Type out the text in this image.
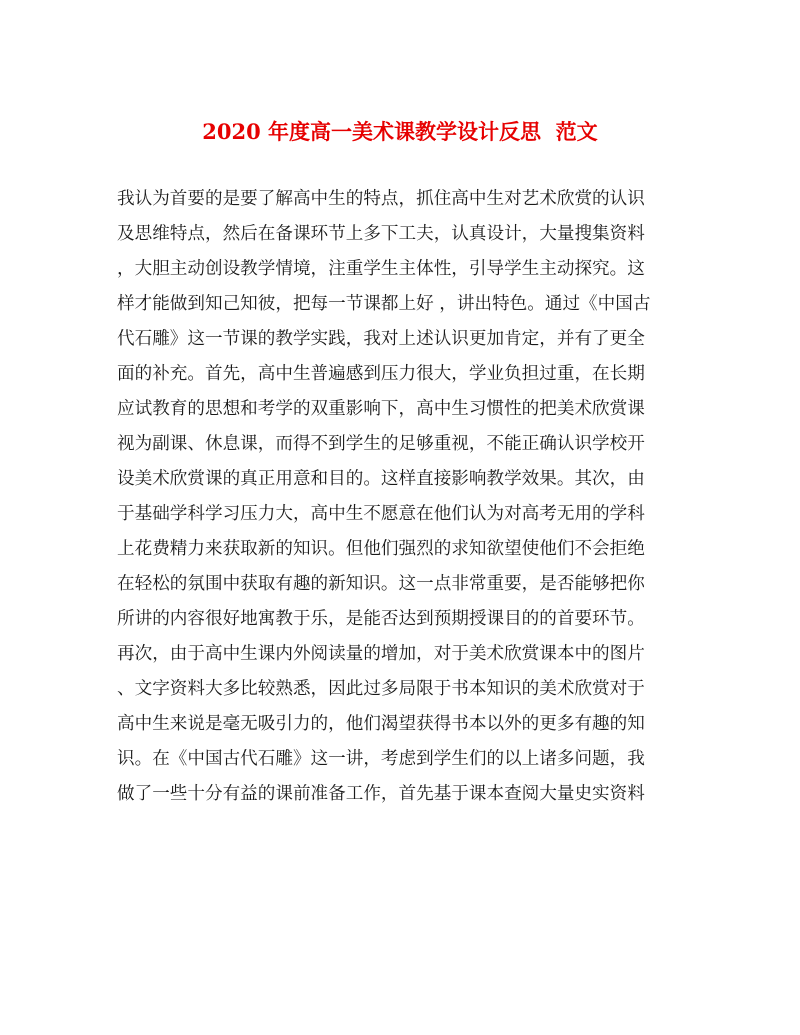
2020 年度高一美术课教学设计反思  范文
我认为首要的是要了解高中生的特点，抓住高中生对艺术欣赏的认识
及思维特点，然后在备课环节上多下工夫，认真设计，大量搜集资料
，大胆主动创设教学情境，注重学生主体性，引导学生主动探究。这
样才能做到知己知彼，把每一节课都上好 ，讲出特色。通过《中国古
代石雕》这一节课的教学实践，我对上述认识更加肯定，并有了更全
面的补充。首先，高中生普遍感到压力很大，学业负担过重，在长期
应试教育的思想和考学的双重影响下，高中生习惯性的把美术欣赏课
视为副课、休息课，而得不到学生的足够重视，不能正确认识学校开
设美术欣赏课的真正用意和目的。这样直接影响教学效果。其次，由
于基础学科学习压力大，高中生不愿意在他们认为对高考无用的学科
上花费精力来获取新的知识。但他们强烈的求知欲望使他们不会拒绝
在轻松的氛围中获取有趣的新知识。这一点非常重要，是否能够把你
所讲的内容很好地寓教于乐，是能否达到预期授课目的的首要环节。
再次，由于高中生课内外阅读量的增加，对于美术欣赏课本中的图片
、文字资料大多比较熟悉，因此过多局限于书本知识的美术欣赏对于
高中生来说是毫无吸引力的，他们渴望获得书本以外的更多有趣的知
识。在《中国古代石雕》这一讲，考虑到学生们的以上诸多问题，我
做了一些十分有益的课前准备工作，首先基于课本查阅大量史实资料
